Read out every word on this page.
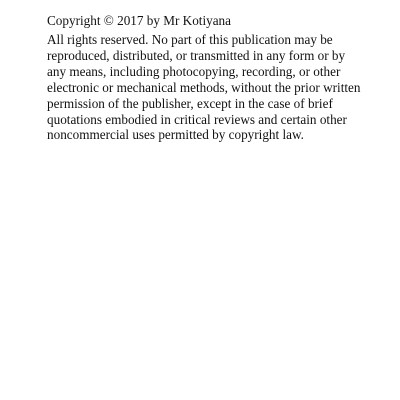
Copyright © 2017 by Mr Kotiyana

All rights reserved. No part of this publication may be
reproduced, distributed, or transmitted in any form or by
any means, including photocopying, recording, or other
electronic or mechanical methods, without the prior written
permission of the publisher, except in the case of brief
quotations embodied in critical reviews and certain other
noncommercial uses permitted by copyright law.
